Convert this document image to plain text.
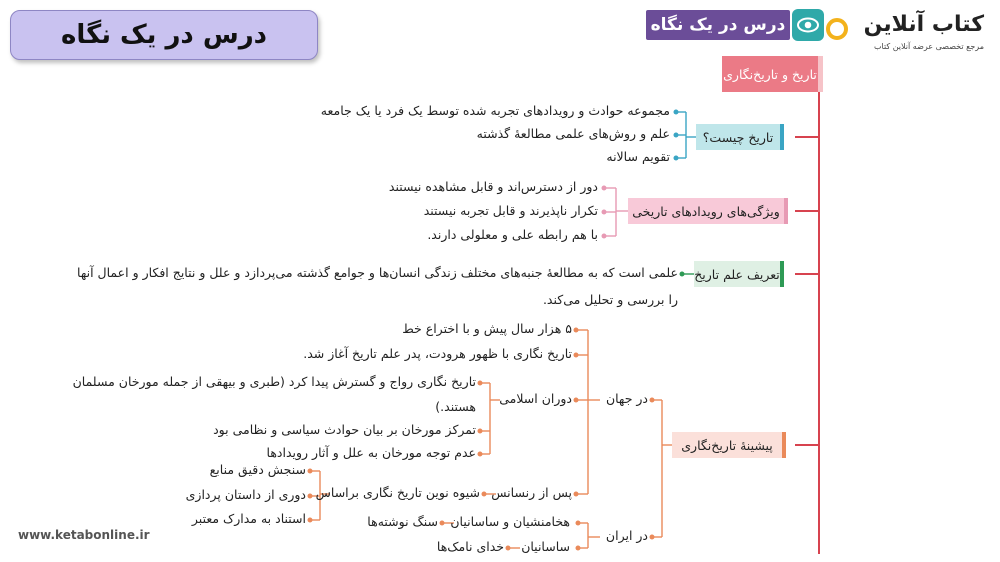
درس در یک نگاه	درس در یک نگاه	کتاب آنلاین
مرجع تخصصی عرضه آنلاین کتاب
تاریخ و تاریخ‌نگاری
تاریخ چیست؟
مجموعه حوادث و رویدادهای تجربه شده توسط یک فرد یا یک جامعه
علم و روش‌های علمی مطالعهٔ گذشته
تقویم سالانه
ویژگی‌های رویدادهای تاریخی
دور از دسترس‌اند و قابل مشاهده نیستند
تکرار ناپذیرند و قابل تجربه نیستند
با هم رابطه علی و معلولی دارند.
تعریف علم تاریخ
علمی است که به مطالعهٔ جنبه‌های مختلف زندگی انسان‌ها و جوامع گذشته می‌پردازد و علل و نتایج افکار و اعمال آنها
را بررسی و تحلیل می‌کند.
پیشینهٔ تاریخ‌نگاری
در جهان
در ایران
۵ هزار سال پیش و با اختراع خط
تاریخ نگاری با ظهور هرودت، پدر علم تاریخ آغاز شد.
دوران اسلامی
پس از رنسانس
تاریخ نگاری رواج و گسترش پیدا کرد (طبری و بیهقی از جمله مورخان مسلمان
هستند.)
تمرکز مورخان بر بیان حوادث سیاسی و نظامی بود
عدم توجه مورخان به علل و آثار رویدادها
شیوه نوین تاریخ نگاری براساس
سنجش دقیق منابع
دوری از داستان پردازی
استناد به مدارک معتبر	هخامنشیان و ساسانیان
سنگ نوشته‌ها
ساسانیان
خدای نامک‌ها
www.ketabonline.ir
